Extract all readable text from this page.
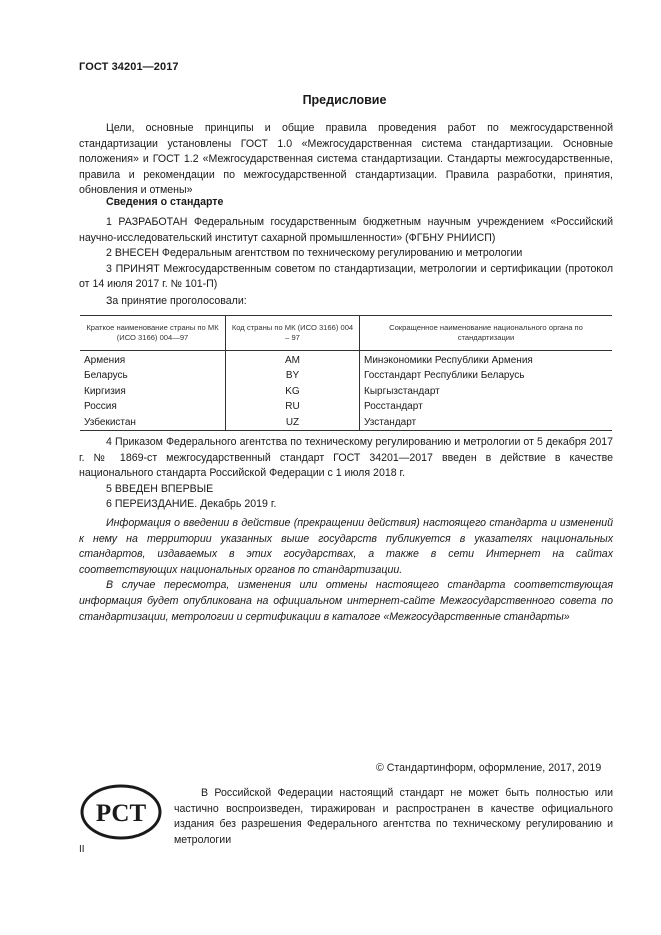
ГОСТ 34201—2017
Предисловие

Цели, основные принципы и общие правила проведения работ по межгосударственной стандартизации установлены ГОСТ 1.0 «Межгосударственная система стандартизации. Основные положения» и ГОСТ 1.2 «Межгосударственная система стандартизации. Стандарты межгосударственные, правила и рекомендации по межгосударственной стандартизации. Правила разработки, принятия, обновления и отмены»

Сведения о стандарте

1 РАЗРАБОТАН Федеральным государственным бюджетным научным учреждением «Российский научно-исследовательский институт сахарной промышленности» (ФГБНУ РНИИСП)

2 ВНЕСЕН Федеральным агентством по техническому регулированию и метрологии

3 ПРИНЯТ Межгосударственным советом по стандартизации, метрологии и сертификации (протокол от 14 июля 2017 г. № 101-П)

За принятие проголосовали:

Краткое наименование страны по МК (ИСО 3166) 004—97	Код страны по МК (ИСО 3166) 004 – 97	Сокращенное наименование национального органа по стандартизации
Армения	AM	Минэкономики Республики Армения
Беларусь	BY	Госстандарт Республики Беларусь
Киргизия	KG	Кыргызстандарт
Россия	RU	Росстандарт
Узбекистан	UZ	Узстандарт

4 Приказом Федерального агентства по техническому регулированию и метрологии от 5 декабря 2017 г. № 1869-ст межгосударственный стандарт ГОСТ 34201—2017 введен в действие в качестве национального стандарта Российской Федерации с 1 июля 2018 г.

5 ВВЕДЕН ВПЕРВЫЕ

6 ПЕРЕИЗДАНИЕ. Декабрь 2019 г.

Информация о введении в действие (прекращении действия) настоящего стандарта и изменений к нему на территории указанных выше государств публикуется в указателях национальных стандартов, издаваемых в этих государствах, а также в сети Интернет на сайтах соответствующих национальных органов по стандартизации.

В случае пересмотра, изменения или отмены настоящего стандарта соответствующая информация будет опубликована на официальном интернет-сайте Межгосударственного совета по стандартизации, метрологии и сертификации в каталоге «Межгосударственные стандарты»

© Стандартинформ, оформление, 2017, 2019
РСТ

В Российской Федерации настоящий стандарт не может быть полностью или частично воспроизведен, тиражирован и распространен в качестве официального издания без разрешения Федерального агентства по техническому регулированию и метрологии

II
